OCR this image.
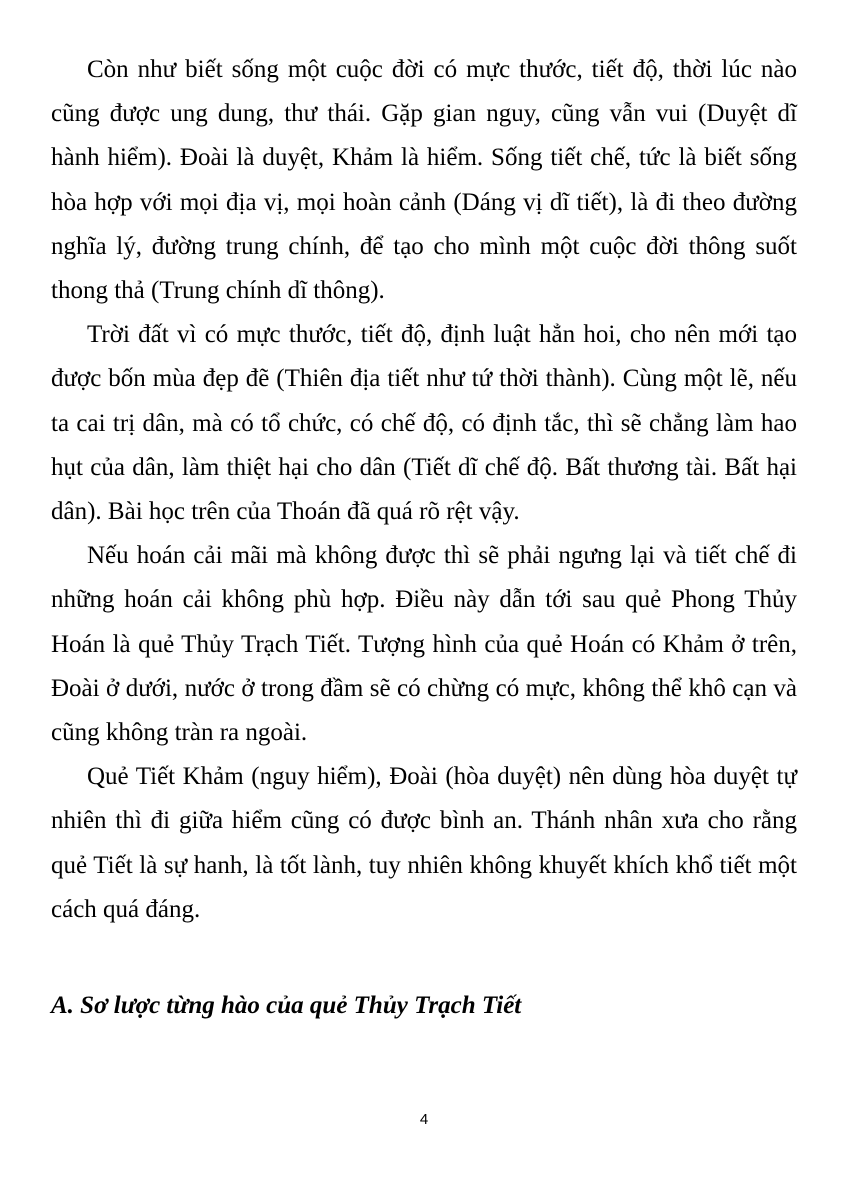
Còn như biết sống một cuộc đời có mực thước, tiết độ, thời lúc nào cũng được ung dung, thư thái. Gặp gian nguy, cũng vẫn vui (Duyệt dĩ hành hiểm). Đoài là duyệt, Khảm là hiểm. Sống tiết chế, tức là biết sống hòa hợp với mọi địa vị, mọi hoàn cảnh (Dáng vị dĩ tiết), là đi theo đường nghĩa lý, đường trung chính, để tạo cho mình một cuộc đời thông suốt thong thả (Trung chính dĩ thông).

Trời đất vì có mực thước, tiết độ, định luật hẳn hoi, cho nên mới tạo được bốn mùa đẹp đẽ (Thiên địa tiết như tứ thời thành). Cùng một lẽ, nếu ta cai trị dân, mà có tổ chức, có chế độ, có định tắc, thì sẽ chẳng làm hao hụt của dân, làm thiệt hại cho dân (Tiết dĩ chế độ. Bất thương tài. Bất hại dân). Bài học trên của Thoán đã quá rõ rệt vậy.

Nếu hoán cải mãi mà không được thì sẽ phải ngưng lại và tiết chế đi những hoán cải không phù hợp. Điều này dẫn tới sau quẻ Phong Thủy Hoán là quẻ Thủy Trạch Tiết. Tượng hình của quẻ Hoán có Khảm ở trên, Đoài ở dưới, nước ở trong đầm sẽ có chừng có mực, không thể khô cạn và cũng không tràn ra ngoài.

Quẻ Tiết Khảm (nguy hiểm), Đoài (hòa duyệt) nên dùng hòa duyệt tự nhiên thì đi giữa hiểm cũng có được bình an. Thánh nhân xưa cho rằng quẻ Tiết là sự hanh, là tốt lành, tuy nhiên không khuyết khích khổ tiết một cách quá đáng.

A. Sơ lược từng hào của quẻ Thủy Trạch Tiết
4
